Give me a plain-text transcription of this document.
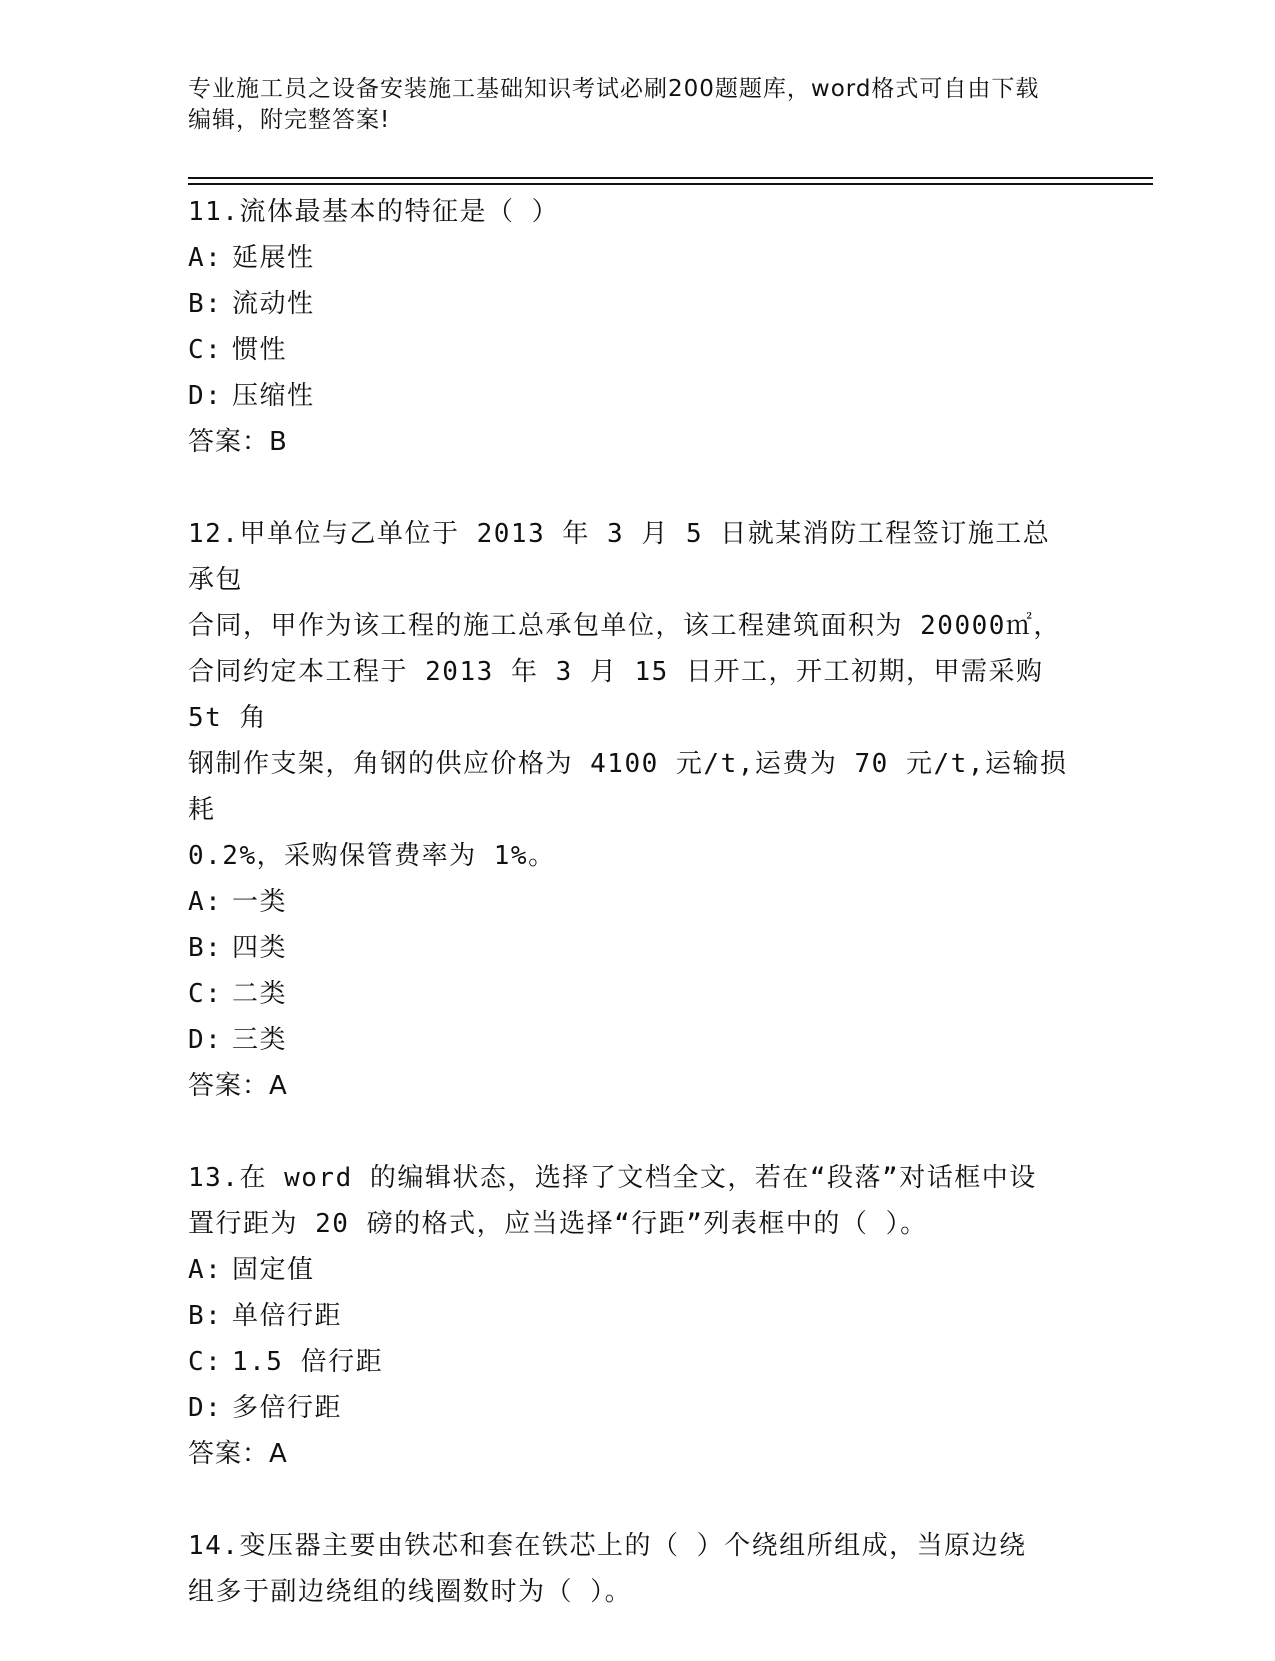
专业施工员之设备安装施工基础知识考试必刷200题题库，word格式可自由下载
编辑，附完整答案!
11.流体最基本的特征是（ ）
A: 延展性
B: 流动性
C: 惯性
D: 压缩性
答案：B
12.甲单位与乙单位于 2013 年 3 月 5 日就某消防工程签订施工总承包
合同，甲作为该工程的施工总承包单位，该工程建筑面积为 20000㎡，
合同约定本工程于 2013 年 3 月 15 日开工，开工初期，甲需采购 5t 角
钢制作支架，角钢的供应价格为 4100 元/t,运费为 70 元/t,运输损耗
0.2%，采购保管费率为 1%。
A: 一类
B: 四类
C: 二类
D: 三类
答案：A
13.在 word 的编辑状态，选择了文档全文，若在“段落”对话框中设
置行距为 20 磅的格式，应当选择“行距”列表框中的（ ）。
A: 固定值
B: 单倍行距
C: 1.5 倍行距
D: 多倍行距
答案：A
14.变压器主要由铁芯和套在铁芯上的（ ）个绕组所组成，当原边绕
组多于副边绕组的线圈数时为（ ）。
